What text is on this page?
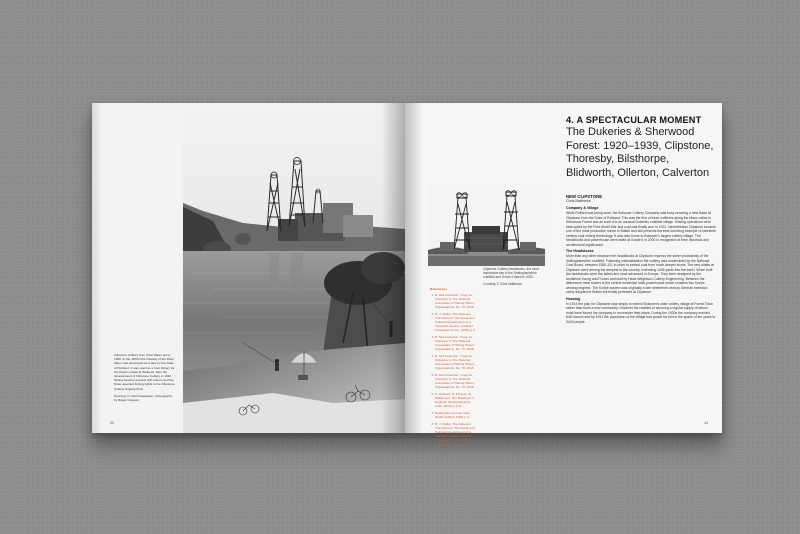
Clipstone Colliery from Vicar Water pond, 1968. In the 1870s this tributary of the River Maun was developed as a lake by the Duke of Portland. It was used as a trout fishery for the Duke's estate at Welbeck. After the development of Clipstone Colliery in 1922 fishing became popular with miners and the Duke awarded fishing rights to the Clipstone Colliery Angling Club.

Courtesy © Chell newspaper, photography by Roger Grayson

42

4. A SPECTACULAR MOMENT

The Dukeries & Sherwood Forest: 1920–1939, Clipstone, Thoresby, Bilsthorpe, Blidworth, Ollerton, Calverton

Clipstone Colliery headstocks, the most impressive site in the Nottinghamshire coalfield and Grade II listed in 2000.

Courtesy © Chris Matthews

References
1. B. Nell Culverton, 'Coop for Clipstone' in The National Association of Mining History Organisations, No. 70, 2018.
2. R. J. Waller, The Dukeries Transformed: The Social and Political Development of a Twentieth Century Coalfield (Clarendon Press, 1983), p.4.
3. B. Nell Culverton, 'Coop for Clipstone' in The National Association of Mining History Organisations, No. 70, 2018.
4. B. Nell Culverton, 'Coop for Clipstone' in The National Association of Mining History Organisations, No. 70, 2018.
5. B. Nell Culverton, 'Coop for Clipstone' in The National Association of Mining History Organisations, No. 70, 2018.
6. C. Hartwell, N. Pevsner, E. Williamson, The Buildings of England: Nottinghamshire (Yale, 2020), p.174.
7. Nottingham Journal, New Heath Colliery, 1928, p.4.
8. R. J. Waller, The Dukeries Transformed: The Social and Political Development of a Twentieth Century Coalfield (Clarendon Press, 1983), pp.27 & 76.

NEW CLIPSTONE

Chris Matthews

Company & Village

While Rufford was being sunk, the Bolsover Colliery Company was busy securing a new lease at Clipstone from the Duke of Portland. This was the first of three collieries along the Maun valley in Sherwood Forest and as such it is an unusual Dukeries coalfield village. Sinking operations were interrupted by the First World War and coal was finally won in 1922. Nevertheless Clipstone became one of the most productive mines in Britain and still presents the best surviving example of twentieth century coal mining technology. It was also home to Bolsover's largest colliery village. The headstocks and powerhouse were listed at Grade II in 2000 in recognition of their historical and architectural significance.

The Headstocks

More than any other structure the headstocks at Clipstone express the sheer productivity of the Nottinghamshire coalfield. Following nationalisation the colliery was modernised by the National Coal Board, between 1950–53, in order to extract coal from much deeper levels. The new shafts at Clipstone were among the deepest in the country, extending 1006 yards into the earth. When built the headstocks were the tallest and most advanced in Europe. They were designed by the architects Young and Purves and built by Head Wrightson Colliery Engineering. Between the latticework steel towers is the central modernist brick powerhouse which contains two Koepe winding engines. The Koepe system was originally a late nineteenth century German invention rarely adopted in Britain but finally perfected at Clipstone.

Housing

In 1914 the plan for Clipstone was simply to extend Bolsover's older colliery village at Forest Town rather than build a new community. However the realities of securing a regular supply of labour must have forced the company to reconsider their plans. During the 1920s the company erected 648 houses and by 1931 the population of the village had grown six fold in the space of ten years to 3443 people.

43
